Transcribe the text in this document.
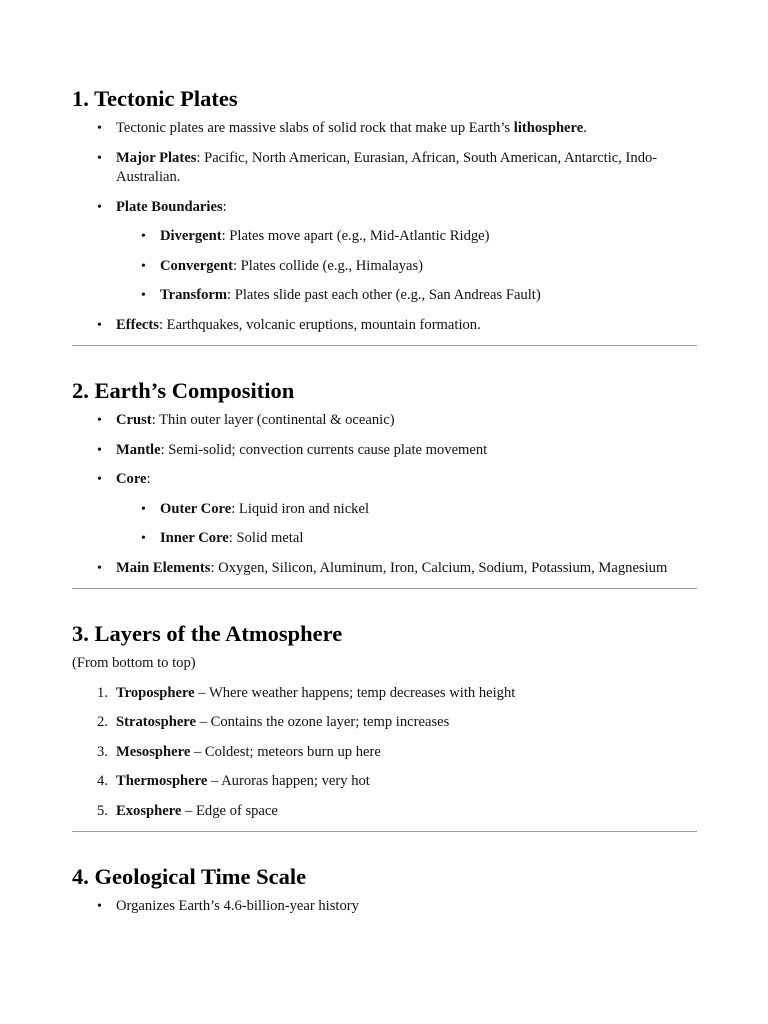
1. Tectonic Plates
• Tectonic plates are massive slabs of solid rock that make up Earth’s lithosphere.
• Major Plates: Pacific, North American, Eurasian, African, South American, Antarctic, Indo-Australian.
• Plate Boundaries:
• Divergent: Plates move apart (e.g., Mid-Atlantic Ridge)
• Convergent: Plates collide (e.g., Himalayas)
• Transform: Plates slide past each other (e.g., San Andreas Fault)
• Effects: Earthquakes, volcanic eruptions, mountain formation.
2. Earth’s Composition
• Crust: Thin outer layer (continental & oceanic)
• Mantle: Semi-solid; convection currents cause plate movement
• Core:
• Outer Core: Liquid iron and nickel
• Inner Core: Solid metal
• Main Elements: Oxygen, Silicon, Aluminum, Iron, Calcium, Sodium, Potassium, Magnesium
3. Layers of the Atmosphere
(From bottom to top)
1. Troposphere – Where weather happens; temp decreases with height
2. Stratosphere – Contains the ozone layer; temp increases
3. Mesosphere – Coldest; meteors burn up here
4. Thermosphere – Auroras happen; very hot
5. Exosphere – Edge of space
4. Geological Time Scale
• Organizes Earth’s 4.6-billion-year history
